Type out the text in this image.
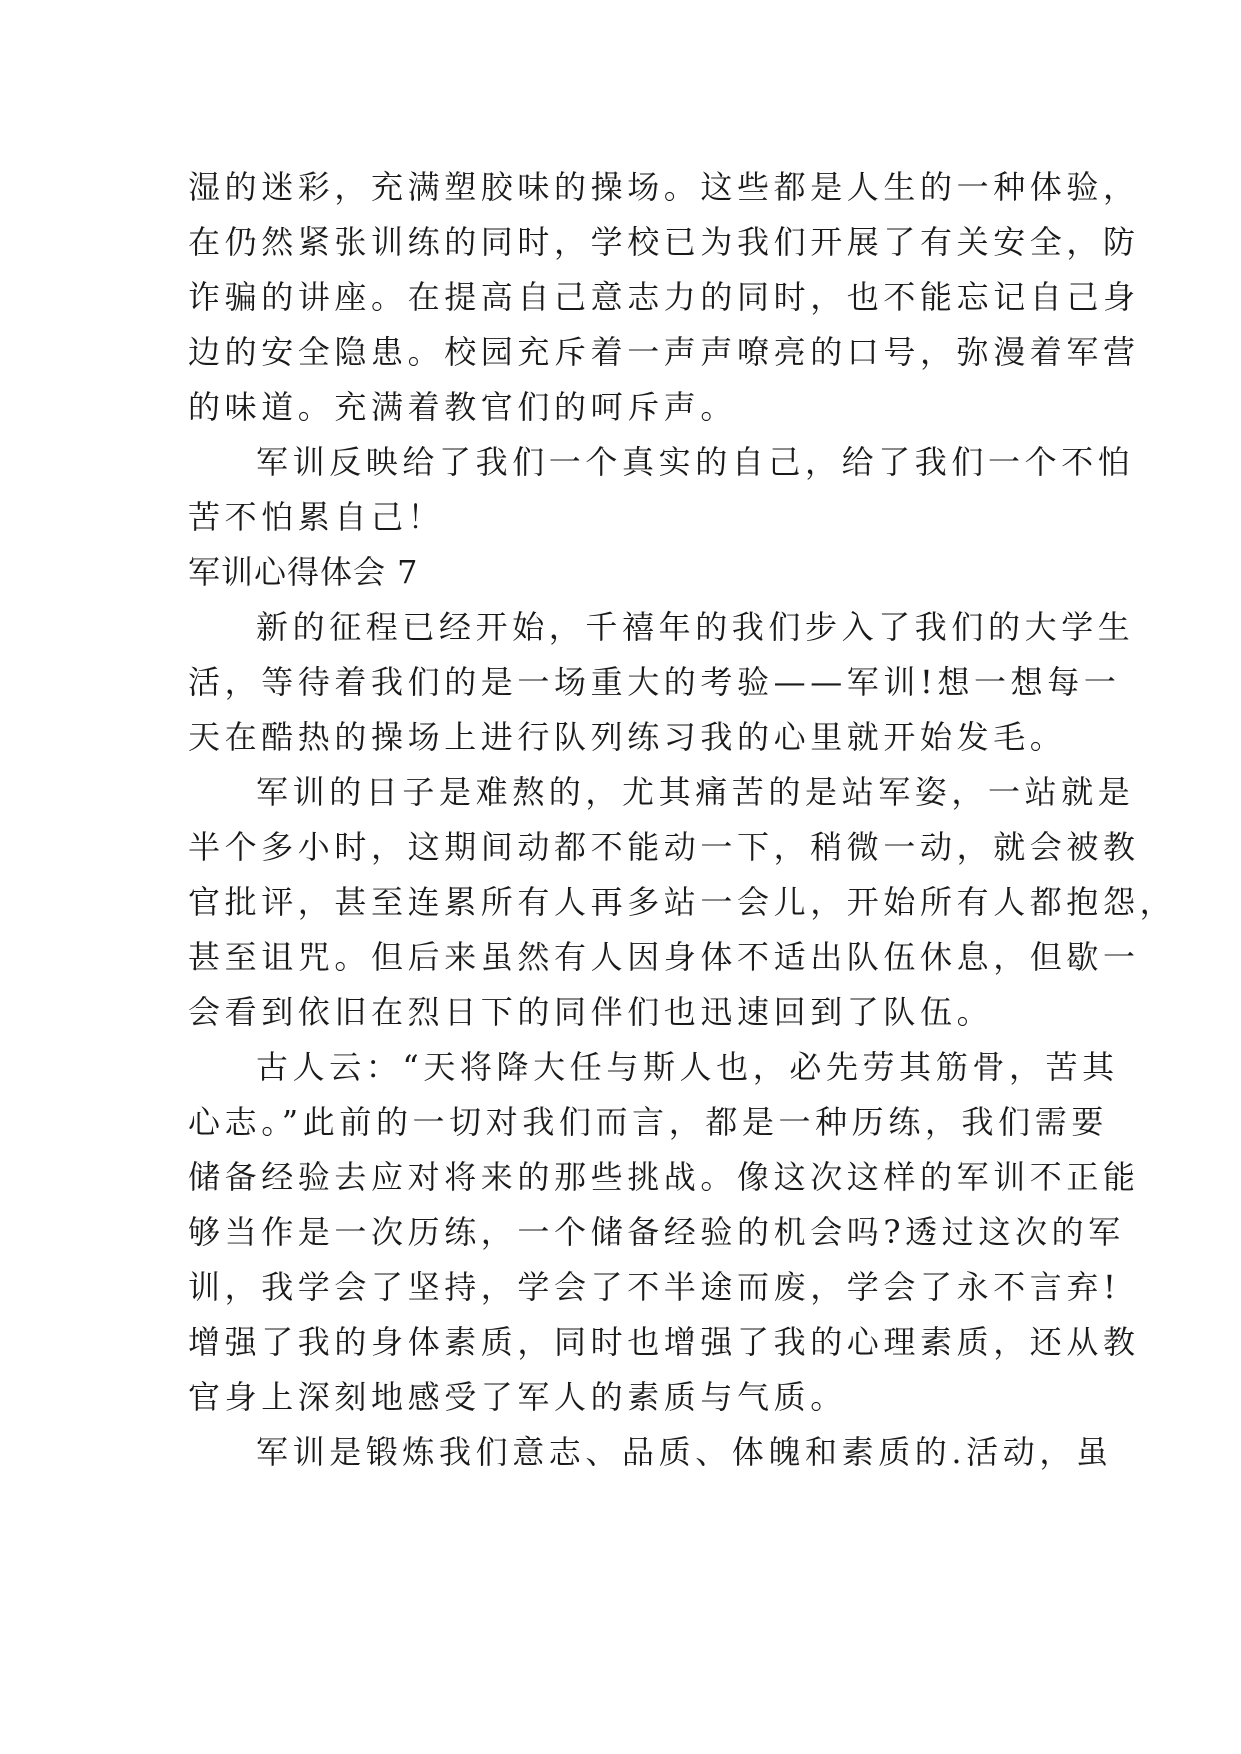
湿的迷彩，充满塑胶味的操场。这些都是人生的一种体验，
在仍然紧张训练的同时，学校已为我们开展了有关安全，防
诈骗的讲座。在提高自己意志力的同时，也不能忘记自己身
边的安全隐患。校园充斥着一声声嘹亮的口号，弥漫着军营
的味道。充满着教官们的呵斥声。
军训反映给了我们一个真实的自己，给了我们一个不怕
苦不怕累自己！
军训心得体会 7
新的征程已经开始，千禧年的我们步入了我们的大学生
活，等待着我们的是一场重大的考验——军训!想一想每一
天在酷热的操场上进行队列练习我的心里就开始发毛。
军训的日子是难熬的，尤其痛苦的是站军姿，一站就是
半个多小时，这期间动都不能动一下，稍微一动，就会被教
官批评，甚至连累所有人再多站一会儿，开始所有人都抱怨，
甚至诅咒。但后来虽然有人因身体不适出队伍休息，但歇一
会看到依旧在烈日下的同伴们也迅速回到了队伍。
古人云：“天将降大任与斯人也，必先劳其筋骨，苦其
心志。”此前的一切对我们而言，都是一种历练，我们需要
储备经验去应对将来的那些挑战。像这次这样的军训不正能
够当作是一次历练，一个储备经验的机会吗?透过这次的军
训，我学会了坚持，学会了不半途而废，学会了永不言弃!
增强了我的身体素质，同时也增强了我的心理素质，还从教
官身上深刻地感受了军人的素质与气质。
军训是锻炼我们意志、品质、体魄和素质的.活动，虽
